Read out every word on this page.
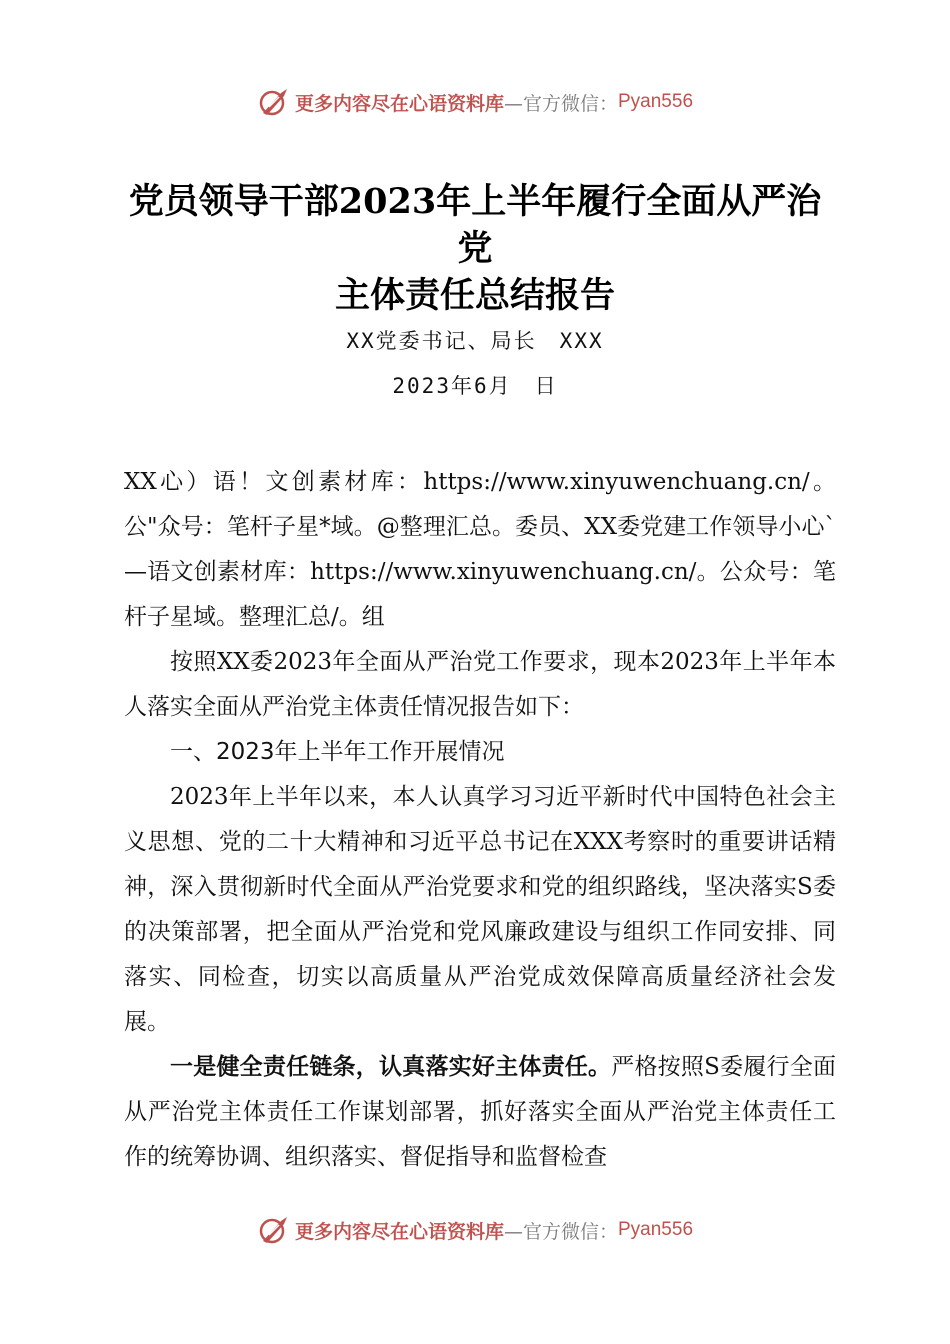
更多内容尽在心语资料库 —官方微信： Pyan556
党员领导干部2023年上半年履行全面从严治党
主体责任总结报告
XX党委书记、局长　XXX
2023年6月　日

XX心）语！文创素材库：https://www.xinyuwenchuang.cn/。公"众号：笔杆子星*域。@整理汇总。委员、XX委党建工作领导小心`—语文创素材库：https://www.xinyuwenchuang.cn/。公众号：笔杆子星域。整理汇总/。组

按照XX委2023年全面从严治党工作要求，现本2023年上半年本人落实全面从严治党主体责任情况报告如下：

一、2023年上半年工作开展情况

2023年上半年以来，本人认真学习习近平新时代中国特色社会主义思想、党的二十大精神和习近平总书记在XXX考察时的重要讲话精神，深入贯彻新时代全面从严治党要求和党的组织路线，坚决落实S委的决策部署，把全面从严治党和党风廉政建设与组织工作同安排、同落实、同检查，切实以高质量从严治党成效保障高质量经济社会发展。

一是健全责任链条，认真落实好主体责任。严格按照S委履行全面从严治党主体责任工作谋划部署，抓好落实全面从严治党主体责任工作的统筹协调、组织落实、督促指导和监督检查

更多内容尽在心语资料库 —官方微信： Pyan556
